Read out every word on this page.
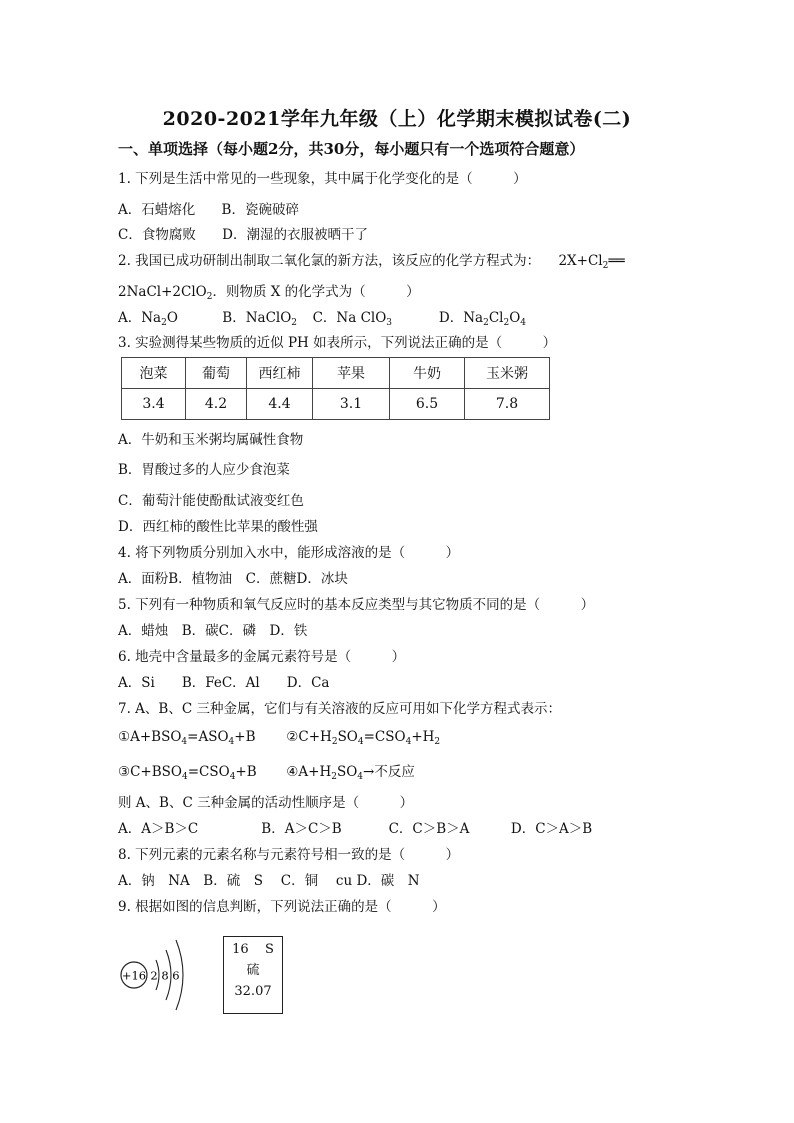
2020-2021学年九年级（上）化学期末模拟试卷(二)
一、单项选择（每小题2分，共30分，每小题只有一个选项符合题意）
1. 下列是生活中常见的一些现象，其中属于化学变化的是（　　　）
A．石蜡熔化 B．瓷碗破碎
C．食物腐败 D．潮湿的衣服被晒干了
2. 我国已成功研制出制取二氧化氯的新方法，该反应的化学方程式为： $2X+Cl_2══$
2NaCl+2ClO$_2$．则物质 X 的化学式为（　　　）
A．$Na_2O$	B．NaClO$_2$ C．Na ClO$_3$	D．$Na_2Cl_2O_4$
3. 实验测得某些物质的近似 PH 如表所示，下列说法正确的是（　　　）
泡菜	葡萄	西红柿	苹果	牛奶	玉米粥
3.4	4.2	4.4	3.1	6.5	7.8
A．牛奶和玉米粥均属碱性食物
B．胃酸过多的人应少食泡菜
C．葡萄汁能使酚酞试液变红色
D．西红柿的酸性比苹果的酸性强
4. 将下列物质分别加入水中，能形成溶液的是（　　　）
A．面粉B．植物油　C．蔗糖D．冰块
5. 下列有一种物质和氧气反应时的基本反应类型与其它物质不同的是（　　　）
A．蜡烛　B．碳C．磷　D．铁
6. 地壳中含量最多的金属元素符号是（　　　）
A．Si　　B．FeC．Al　　D．Ca
7. A、B、C 三种金属，它们与有关溶液的反应可用如下化学方程式表示：
$①A+BSO_4=ASO_4+B$ $②C+H_2SO_4=CSO_4+H_2$
$③C+BSO_4=CSO_4+B$ $④A+H_2SO_4\to$不反应
则 A、B、C 三种金属的活动性顺序是（　　　）
A．A＞B＞C	B．A＞C＞B	C．C＞B＞A	D．C＞A＞B
8. 下列元素的元素名称与元素符号相一致的是（　　　）
A．钠　NA　B．硫　S　 C．铜　 cu D．碳　N
9. 根据如图的信息判断，下列说法正确的是（　　　）
+16 2 8 6
16 S
硫
32.07
